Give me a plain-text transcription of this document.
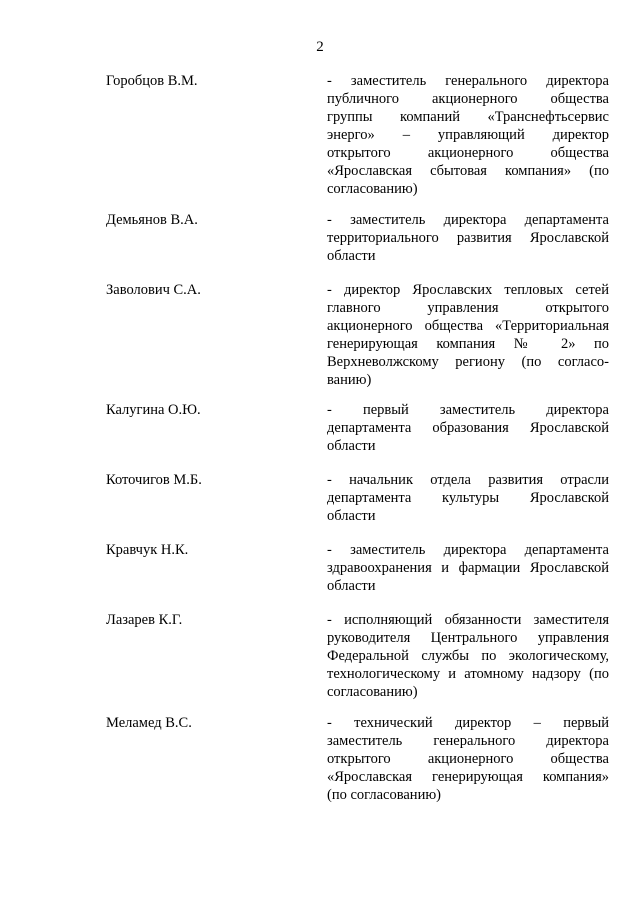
2
Горобцов В.М.	- заместитель генерального директора
публичного акционерного общества
группы компаний «Транснефтьсервис
энерго» – управляющий директор
открытого акционерного общества
«Ярославская сбытовая компания» (по
согласованию)
Демьянов В.А.	- заместитель директора департамента
территориального развития Ярославской
области
Заволович С.А.	- директор Ярославских тепловых сетей
главного управления открытого
акционерного общества «Территориальная
генерирующая компания № 2» по
Верхневолжскому региону (по согласо-
ванию)
Калугина О.Ю.	- первый заместитель директора
департамента образования Ярославской
области
Коточигов М.Б.	- начальник отдела развития отрасли
департамента культуры Ярославской
области
Кравчук Н.К.	- заместитель директора департамента
здравоохранения и фармации Ярославской
области
Лазарев К.Г.	- исполняющий обязанности заместителя
руководителя Центрального управления
Федеральной службы по экологическому,
технологическому и атомному надзору (по
согласованию)
Меламед В.С.	- технический директор – первый
заместитель генерального директора
открытого акционерного общества
«Ярославская генерирующая компания»
(по согласованию)
